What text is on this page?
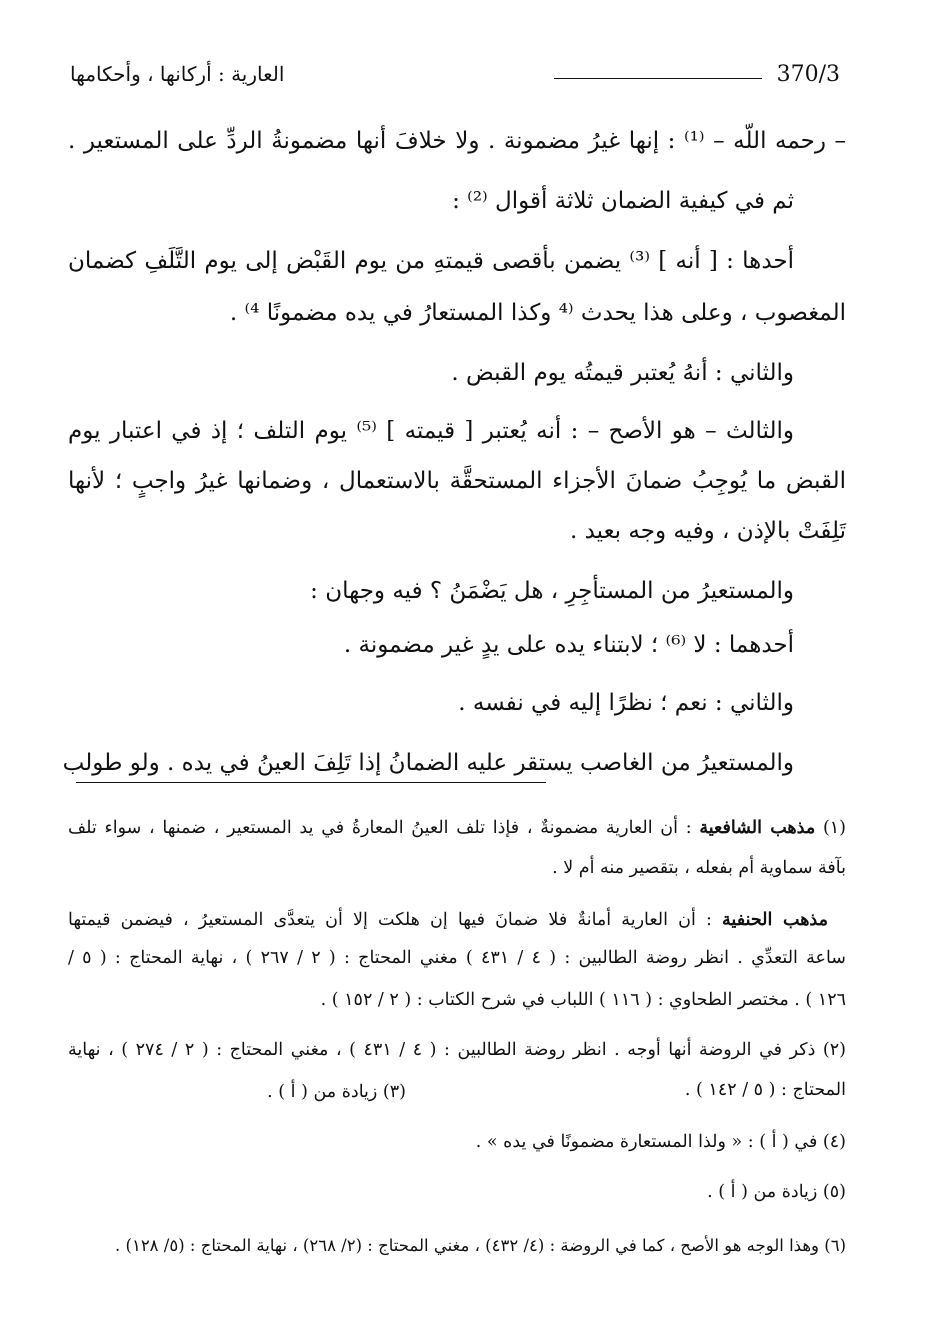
370/3
العارية : أركانها ، وأحكامها
– رحمه اللّه – ⁽¹⁾ : إنها غيرُ مضمونة . ولا خلافَ أنها مضمونةُ الردِّ على المستعير .
ثم في كيفية الضمان ثلاثة أقوال ⁽²⁾ :
أحدها : [ أنه ] ⁽³⁾ يضمن بأقصى قيمتهِ من يوم القَبْض إلى يوم التَّلَفِ كضمان
المغصوب ، وعلى هذا يحدث ⁽⁴ وكذا المستعارُ في يده مضمونًا ⁴⁾ .
والثاني : أنهُ يُعتبر قيمتُه يوم القبض .
والثالث – هو الأصح – : أنه يُعتبر [ قيمته ] ⁽⁵⁾ يوم التلف ؛ إذ في اعتبار يوم
القبض ما يُوجِبُ ضمانَ الأجزاء المستحقَّة بالاستعمال ، وضمانها غيرُ واجبٍ ؛ لأنها
تَلِفَتْ بالإذن ، وفيه وجه بعيد .
والمستعيرُ من المستأجِرِ ، هل يَضْمَنُ ؟ فيه وجهان :
أحدهما : لا ⁽⁶⁾ ؛ لابتناء يده على يدٍ غير مضمونة .
والثاني : نعم ؛ نظرًا إليه في نفسه .
والمستعيرُ من الغاصب يستقر عليه الضمانُ إذا تَلِفَ العينُ في يده . ولو طولب
(١) مذهب الشافعية : أن العارية مضمونةٌ ، فإذا تلف العينُ المعارةُ في يد المستعير ، ضمنها ، سواء تلف
بآفة سماوية أم بفعله ، بتقصير منه أم لا .
مذهب الحنفية : أن العارية أمانةٌ فلا ضمانَ فيها إن هلكت إلا أن يتعدَّى المستعيرُ ، فيضمن قيمتها
ساعة التعدِّي . انظر روضة الطالبين : ( ٤ / ٤٣١ ) مغني المحتاج : ( ٢ / ٢٦٧ ) ، نهاية المحتاج : ( ٥ /
١٢٦ ) . مختصر الطحاوي : ( ١١٦ ) اللباب في شرح الكتاب : ( ٢ / ١٥٢ ) .
(٢) ذكر في الروضة أنها أوجه . انظر روضة الطالبين : ( ٤ / ٤٣١ ) ، مغني المحتاج : ( ٢ / ٢٧٤ ) ، نهاية
المحتاج : ( ٥ / ١٤٢ ) .
(٣) زيادة من ( أ ) .
(٤) في ( أ ) : « ولذا المستعارة مضمونًا في يده » .
(٥) زيادة من ( أ ) .
(٦) وهذا الوجه هو الأصح ، كما في الروضة : (٤/ ٤٣٢) ، مغني المحتاج : (٢/ ٢٦٨) ، نهاية المحتاج : (٥/ ١٢٨) .
